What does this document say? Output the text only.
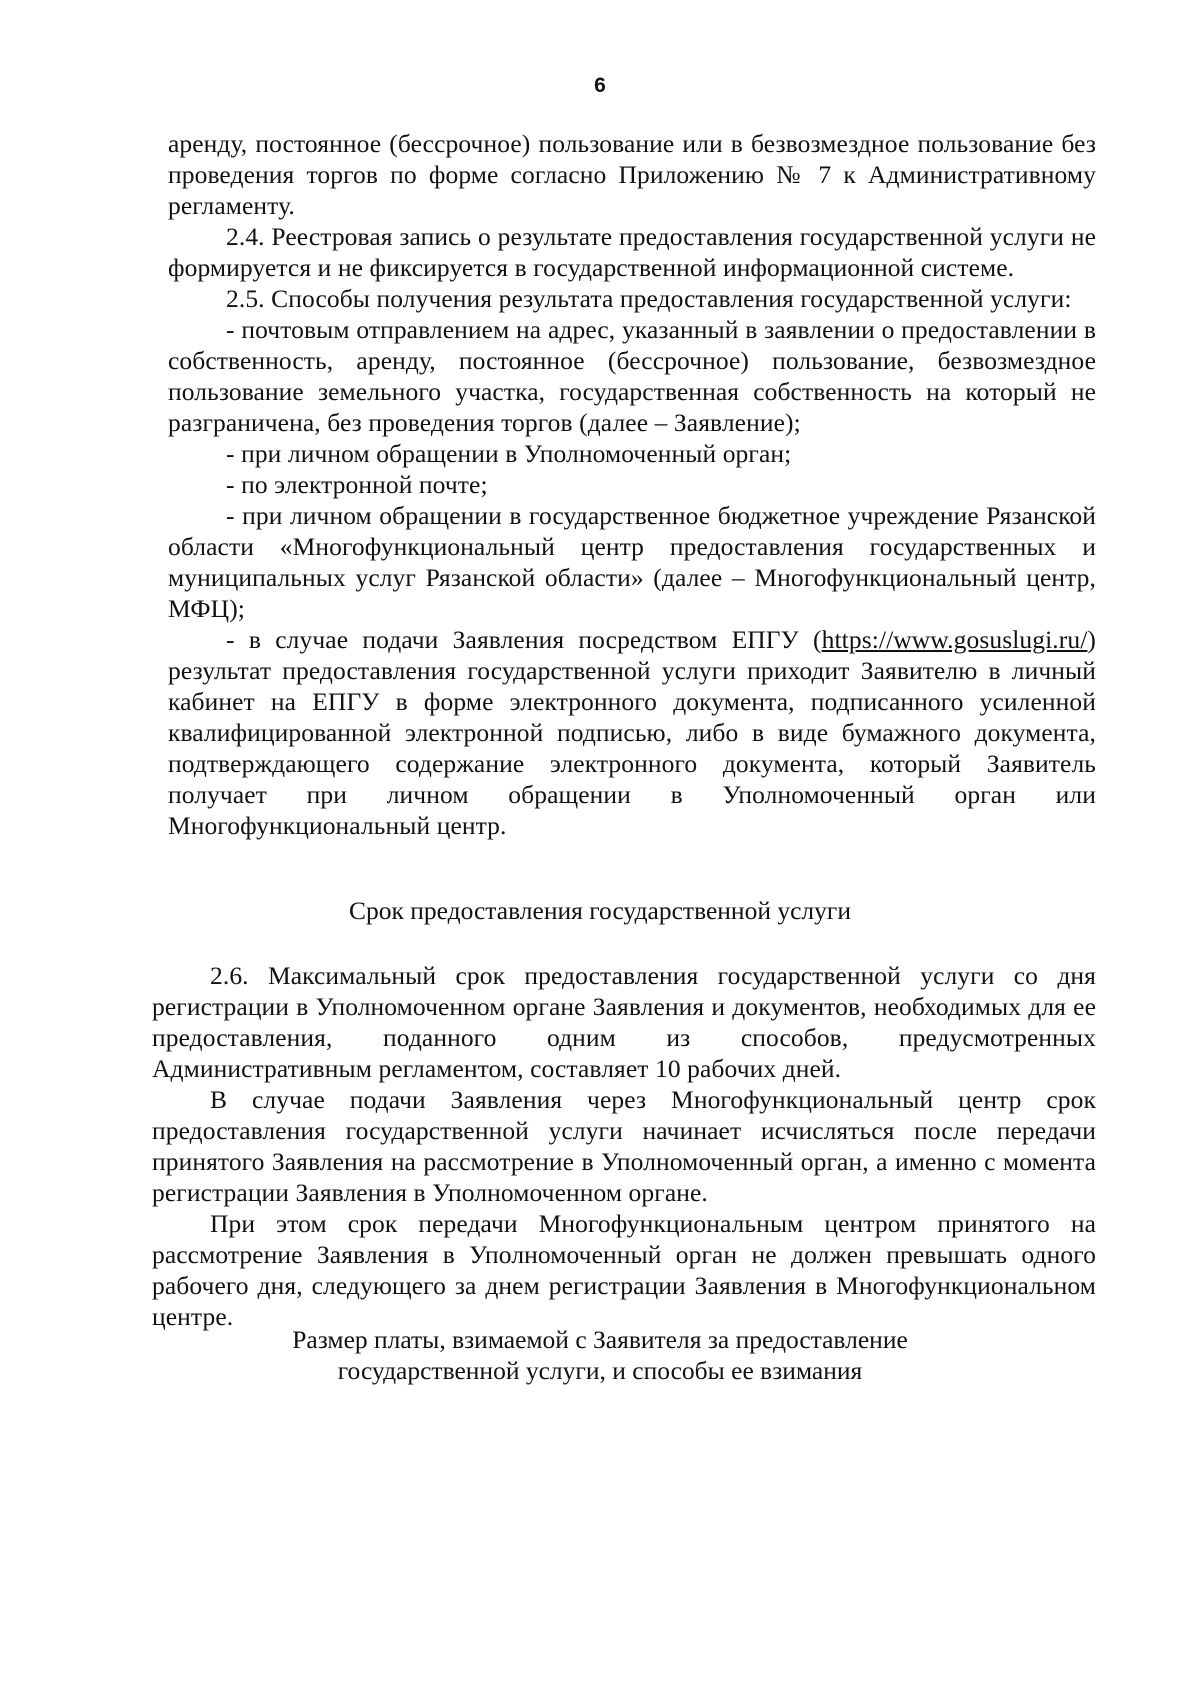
6

аренду, постоянное (бессрочное) пользование или в безвозмездное пользование без проведения торгов по форме согласно Приложению № 7 к Административному регламенту.

2.4. Реестровая запись о результате предоставления государственной услуги не формируется и не фиксируется в государственной информационной системе.

2.5. Способы получения результата предоставления государственной услуги:

- почтовым отправлением на адрес, указанный в заявлении о предоставлении в собственность, аренду, постоянное (бессрочное) пользование, безвозмездное пользование земельного участка, государственная собственность на который не разграничена, без проведения торгов (далее – Заявление);

- при личном обращении в Уполномоченный орган;

- по электронной почте;

- при личном обращении в государственное бюджетное учреждение Рязанской области «Многофункциональный центр предоставления государственных и муниципальных услуг Рязанской области» (далее – Многофункциональный центр, МФЦ);

- в случае подачи Заявления посредством ЕПГУ (https://www.gosuslugi.ru/) результат предоставления государственной услуги приходит Заявителю в личный кабинет на ЕПГУ в форме электронного документа, подписанного усиленной квалифицированной электронной подписью, либо в виде бумажного документа, подтверждающего содержание электронного документа, который Заявитель получает при личном обращении в Уполномоченный орган или Многофункциональный центр.

Срок предоставления государственной услуги

2.6. Максимальный срок предоставления государственной услуги со дня регистрации в Уполномоченном органе Заявления и документов, необходимых для ее предоставления, поданного одним из способов, предусмотренных Административным регламентом, составляет 10 рабочих дней.

В случае подачи Заявления через Многофункциональный центр срок предоставления государственной услуги начинает исчисляться после передачи принятого Заявления на рассмотрение в Уполномоченный орган, а именно с момента регистрации Заявления в Уполномоченном органе.

При этом срок передачи Многофункциональным центром принятого на рассмотрение Заявления в Уполномоченный орган не должен превышать одного рабочего дня, следующего за днем регистрации Заявления в Многофункциональном центре.

Размер платы, взимаемой с Заявителя за предоставление
государственной услуги, и способы ее взимания
